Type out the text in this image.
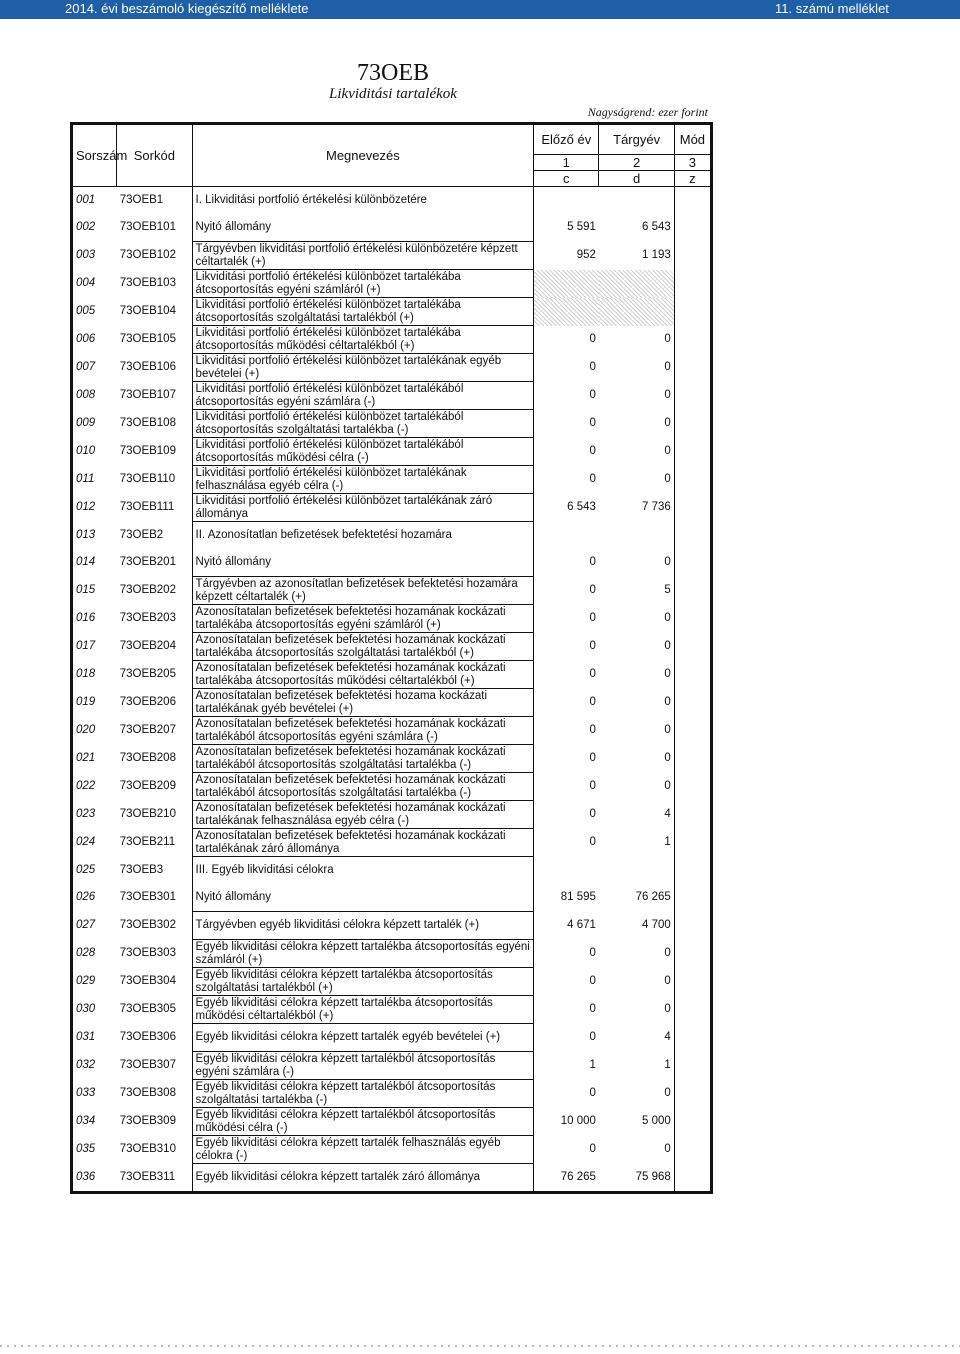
2014. évi beszámoló kiegészítő melléklete	11. számú melléklet
73OEB
Likviditási tartalékok
Nagyságrend: ezer forint
Sorszám	Sorkód	Megnevezés	Előző év	Tárgyév	Mód
			1	2	3
			c	d	z
001	73OEB1	I. Likviditási portfolió értékelési különbözetére			
002	73OEB101	Nyitó állomány	5 591	6 543	
003	73OEB102	Tárgyévben likviditási portfolió értékelési különbözetére képzett céltartalék (+)	952	1 193	
004	73OEB103	Likviditási portfolió értékelési különbözet tartalékába átcsoportosítás egyéni számláról (+)			
005	73OEB104	Likviditási portfolió értékelési különbözet tartalékába átcsoportosítás szolgáltatási tartalékból (+)			
006	73OEB105	Likviditási portfolió értékelési különbözet tartalékába átcsoportosítás működési céltartalékból (+)	0	0	
007	73OEB106	Likviditási portfolió értékelési különbözet tartalékának egyéb bevételei (+)	0	0	
008	73OEB107	Likviditási portfolió értékelési különbözet tartalékából átcsoportosítás egyéni számlára (-)	0	0	
009	73OEB108	Likviditási portfolió értékelési különbözet tartalékából átcsoportosítás szolgáltatási tartalékba (-)	0	0	
010	73OEB109	Likviditási portfolió értékelési különbözet tartalékából átcsoportosítás működési célra (-)	0	0	
011	73OEB110	Likviditási portfolió értékelési különbözet tartalékának felhasználása egyéb célra (-)	0	0	
012	73OEB111	Likviditási portfolió értékelési különbözet tartalékának záró állománya	6 543	7 736	
013	73OEB2	II. Azonosítatlan befizetések befektetési hozamára			
014	73OEB201	Nyitó állomány	0	0	
015	73OEB202	Tárgyévben az azonosítatlan befizetések befektetési hozamára képzett céltartalék (+)	0	5	
016	73OEB203	Azonosítatalan befizetések befektetési hozamának kockázati tartalékába átcsoportosítás egyéni számláról (+)	0	0	
017	73OEB204	Azonosítatalan befizetések befektetési hozamának kockázati tartalékába átcsoportosítás szolgáltatási tartalékból (+)	0	0	
018	73OEB205	Azonosítatalan befizetések befektetési hozamának kockázati tartalékába átcsoportosítás működési céltartalékból (+)	0	0	
019	73OEB206	Azonosítatalan befizetések befektetési hozama kockázati tartalékának gyéb bevételei (+)	0	0	
020	73OEB207	Azonosítatalan befizetések befektetési hozamának kockázati tartalékából átcsoportosítás egyéni számlára (-)	0	0	
021	73OEB208	Azonosítatalan befizetések befektetési hozamának kockázati tartalékából átcsoportosítás szolgáltatási tartalékba (-)	0	0	
022	73OEB209	Azonosítatalan befizetések befektetési hozamának kockázati tartalékából átcsoportosítás szolgáltatási tartalékba (-)	0	0	
023	73OEB210	Azonosítatalan befizetések befektetési hozamának kockázati tartalékának felhasználása egyéb célra (-)	0	4	
024	73OEB211	Azonosítatalan befizetések befektetési hozamának kockázati tartalékának záró állománya	0	1	
025	73OEB3	III. Egyéb likviditási célokra			
026	73OEB301	Nyitó állomány	81 595	76 265	
027	73OEB302	Tárgyévben egyéb likviditási célokra képzett tartalék (+)	4 671	4 700	
028	73OEB303	Egyéb likviditási célokra képzett tartalékba átcsoportosítás egyéni számláról (+)	0	0	
029	73OEB304	Egyéb likviditási célokra képzett tartalékba átcsoportosítás szolgáltatási tartalékból (+)	0	0	
030	73OEB305	Egyéb likviditási célokra képzett tartalékba átcsoportosítás működési céltartalékból (+)	0	0	
031	73OEB306	Egyéb likviditási célokra képzett tartalék egyéb bevételei (+)	0	4	
032	73OEB307	Egyéb likviditási célokra képzett tartalékból átcsoportosítás egyéni számlára (-)	1	1	
033	73OEB308	Egyéb likviditási célokra képzett tartalékból átcsoportosítás szolgáltatási tartalékba (-)	0	0	
034	73OEB309	Egyéb likviditási célokra képzett tartalékból átcsoportosítás működési célra (-)	10 000	5 000	
035	73OEB310	Egyéb likviditási célokra képzett tartalék felhasználás egyéb célokra (-)	0	0	
036	73OEB311	Egyéb likviditási célokra képzett tartalék záró állománya	76 265	75 968	
